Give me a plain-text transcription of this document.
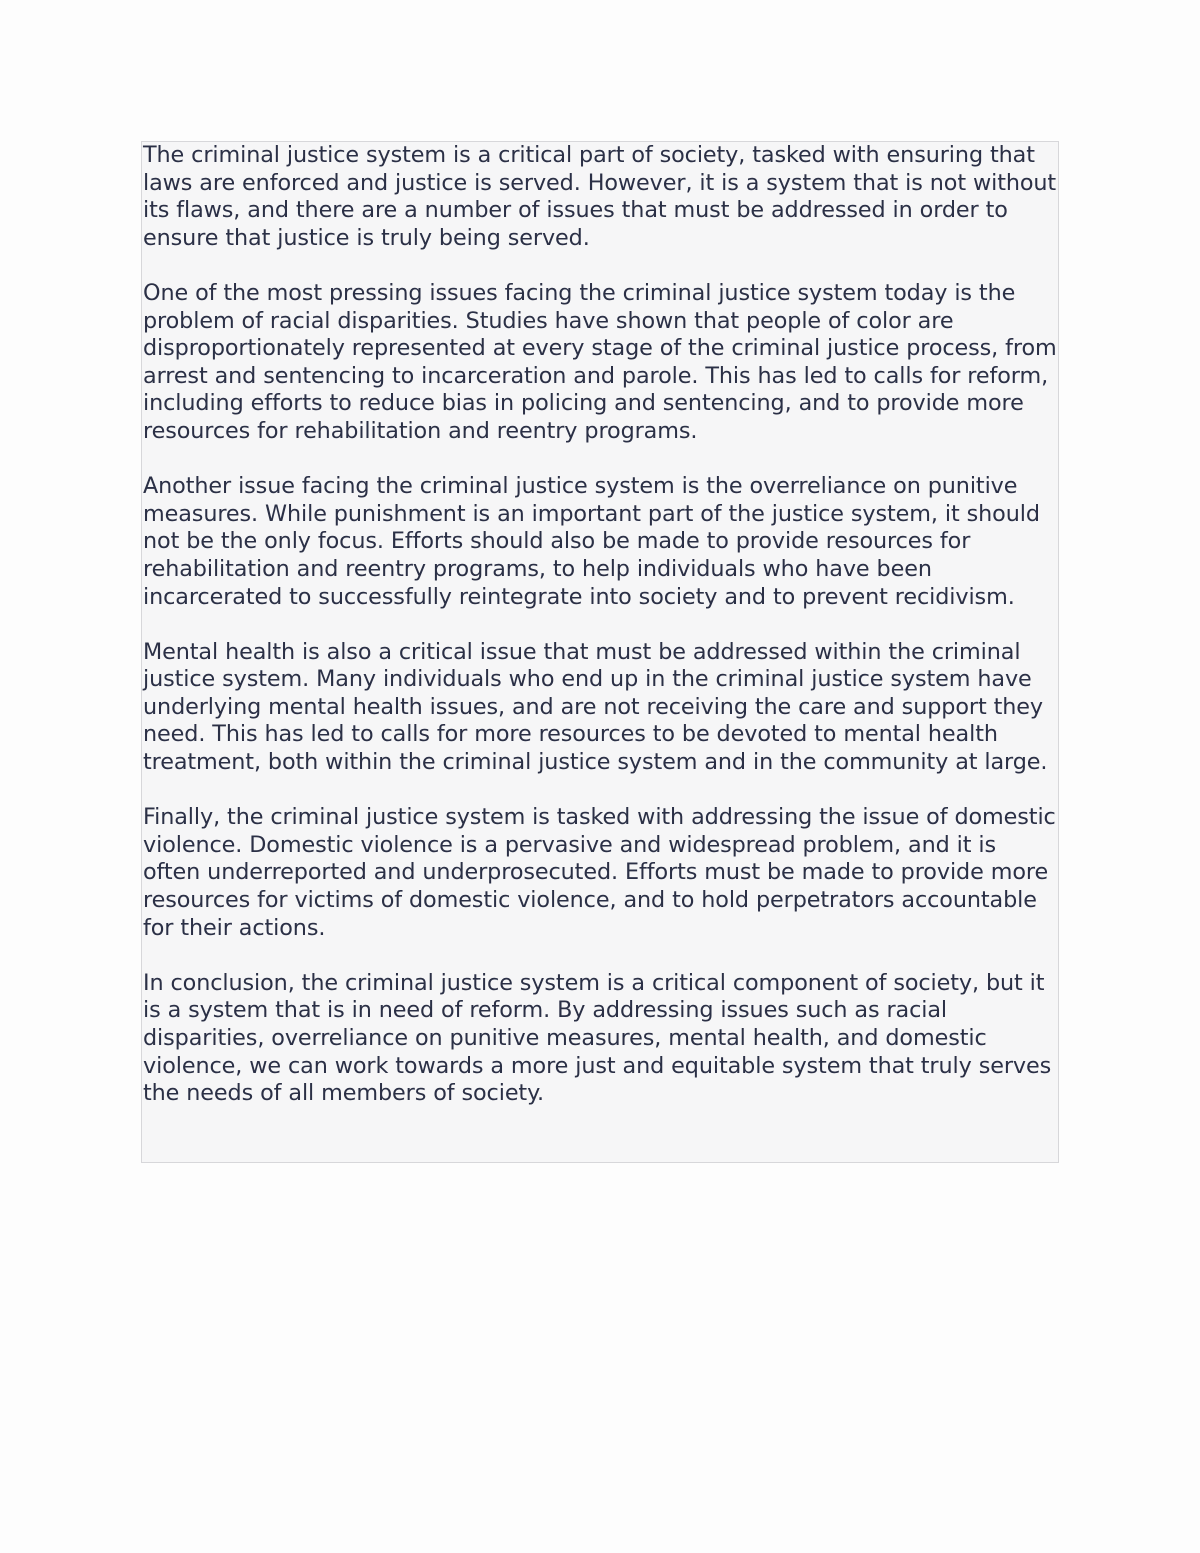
The criminal justice system is a critical part of society, tasked with ensuring that laws are enforced and justice is served. However, it is a system that is not without its flaws, and there are a number of issues that must be addressed in order to ensure that justice is truly being served.

One of the most pressing issues facing the criminal justice system today is the problem of racial disparities. Studies have shown that people of color are disproportionately represented at every stage of the criminal justice process, from arrest and sentencing to incarceration and parole. This has led to calls for reform, including efforts to reduce bias in policing and sentencing, and to provide more resources for rehabilitation and reentry programs.

Another issue facing the criminal justice system is the overreliance on punitive measures. While punishment is an important part of the justice system, it should not be the only focus. Efforts should also be made to provide resources for rehabilitation and reentry programs, to help individuals who have been incarcerated to successfully reintegrate into society and to prevent recidivism.

Mental health is also a critical issue that must be addressed within the criminal justice system. Many individuals who end up in the criminal justice system have underlying mental health issues, and are not receiving the care and support they need. This has led to calls for more resources to be devoted to mental health treatment, both within the criminal justice system and in the community at large.

Finally, the criminal justice system is tasked with addressing the issue of domestic violence. Domestic violence is a pervasive and widespread problem, and it is often underreported and underprosecuted. Efforts must be made to provide more resources for victims of domestic violence, and to hold perpetrators accountable for their actions.

In conclusion, the criminal justice system is a critical component of society, but it is a system that is in need of reform. By addressing issues such as racial disparities, overreliance on punitive measures, mental health, and domestic violence, we can work towards a more just and equitable system that truly serves the needs of all members of society.
